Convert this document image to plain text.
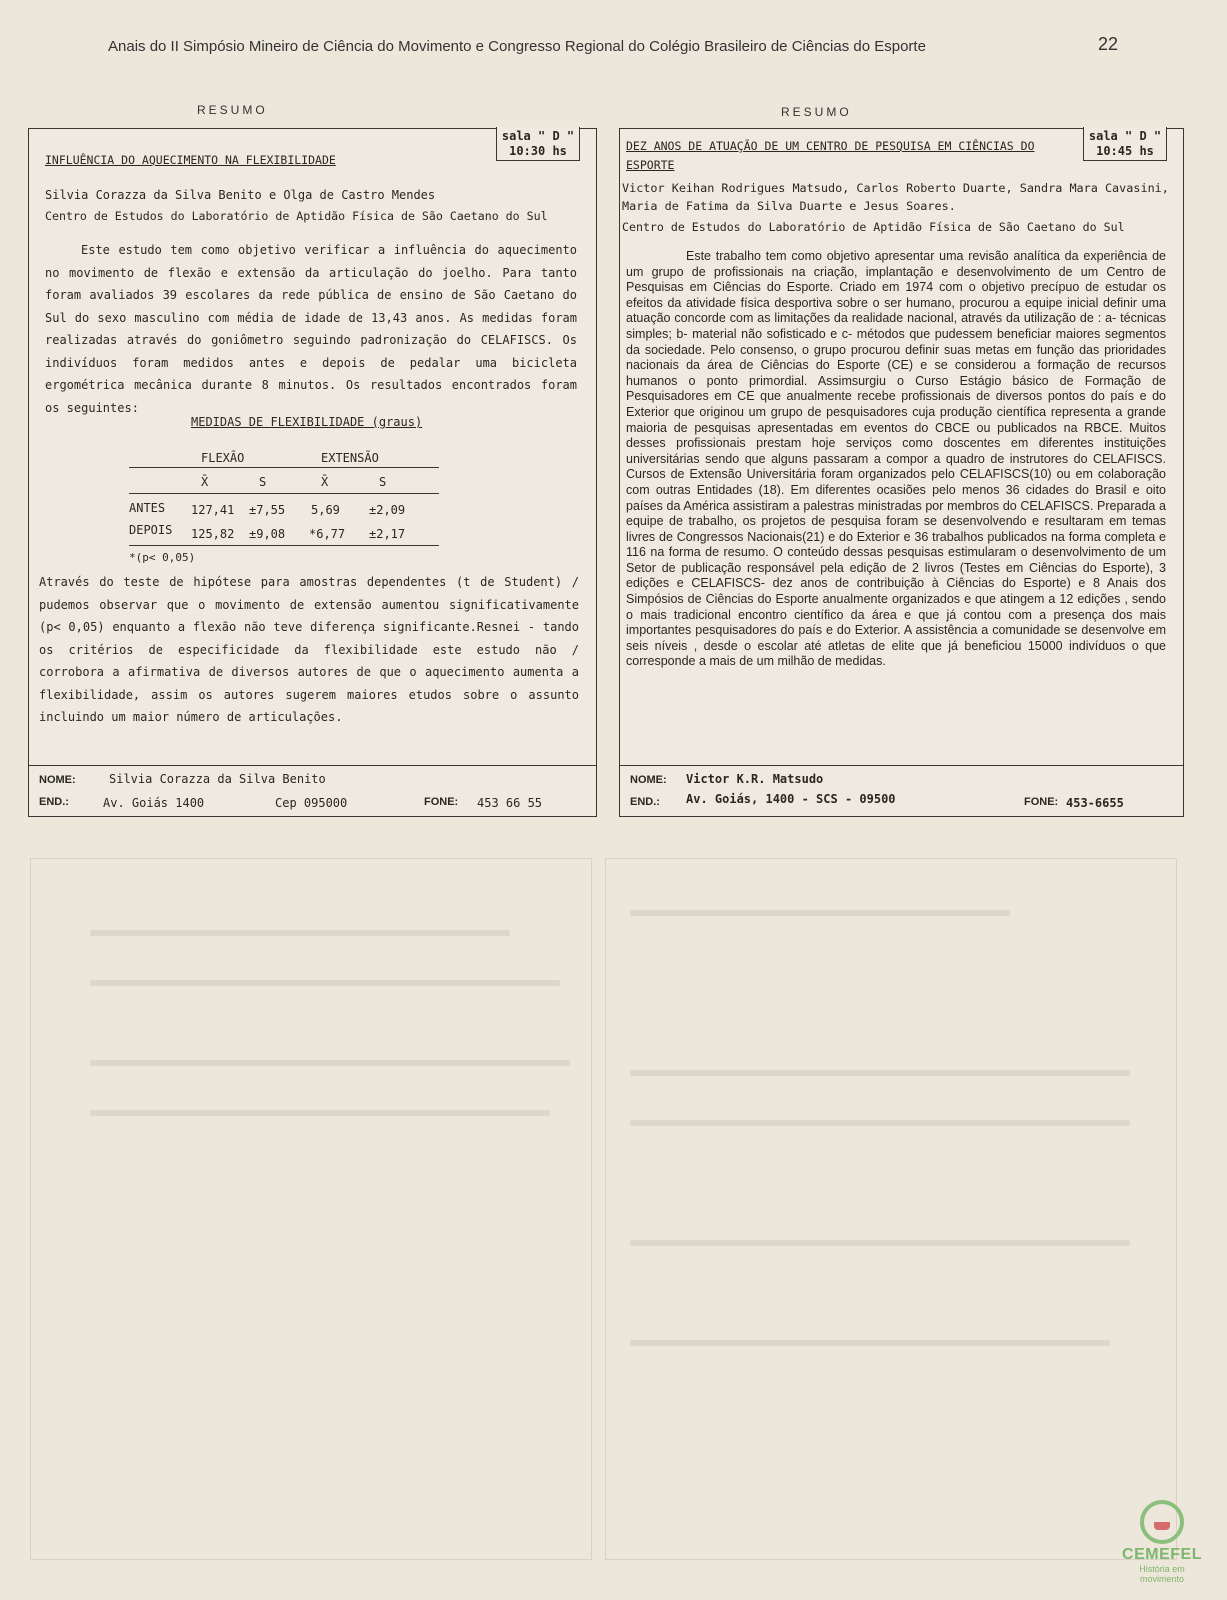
Anais do II Simpósio Mineiro de Ciência do Movimento e Congresso Regional do Colégio Brasileiro de Ciências do Esporte	22
RESUMO
sala " D "
10:30 hs
INFLUÊNCIA DO AQUECIMENTO NA FLEXIBILIDADE
Silvia Corazza da Silva Benito e Olga de Castro Mendes
Centro de Estudos do Laboratório de Aptidão Física de São Caetano do Sul

Este estudo tem como objetivo verificar a influência do aquecimento no movimento de flexão e extensão da articulação do joelho. Para tanto foram avaliados 39 escolares da rede pública de ensino de São Caetano do Sul do sexo masculino com média de idade de 13,43 anos. As medidas foram realizadas através do goniômetro seguindo padronização do CELAFISCS. Os indivíduos foram medidos antes e depois de pedalar uma bicicleta ergométrica mecânica durante 8 minutos. Os resultados encontrados foram os seguintes:

MEDIDAS DE FLEXIBILIDADE (graus)
FLEXÃO	EXTENSÃO
X̄	S	X̄	S
ANTES 127,41 ±7,55 5,69 ±2,09
DEPOIS 125,82 ±9,08 *6,77 ±2,17
*(p< 0,05)

Através do teste de hipótese para amostras dependentes (t de Student) / pudemos observar que o movimento de extensão aumentou significativamente (p< 0,05) enquanto a flexão não teve diferença significante.Resnei - tando os critérios de especificidade da flexibilidade este estudo não / corrobora a afirmativa de diversos autores de que o aquecimento aumenta a flexibilidade, assim os autores sugerem maiores etudos sobre o assunto incluindo um maior número de articulações.

NOME:	Silvia Corazza da Silva Benito
END.:	Av. Goiás 1400	Cep 095000	FONE: 453 66 55
RESUMO
sala " D "
10:45 hs
DEZ ANOS DE ATUAÇÃO DE UM CENTRO DE PESQUISA EM CIÊNCIAS DO ESPORTE
Victor Keihan Rodrigues Matsudo, Carlos Roberto Duarte, Sandra Mara Cavasini, Maria de Fatima da Silva Duarte e Jesus Soares.
Centro de Estudos do Laboratório de Aptidão Física de São Caetano do Sul

Este trabalho tem como objetivo apresentar uma revisão analítica da experiência de um grupo de profissionais na criação, implantação e desenvolvimento de um Centro de Pesquisas em Ciências do Esporte. Criado em 1974 com o objetivo precípuo de estudar os efeitos da atividade física desportiva sobre o ser humano, procurou a equipe inicial definir uma atuação concorde com as limitações da realidade nacional, através da utilização de : a- técnicas simples; b- material não sofisticado e c- métodos que pudessem beneficiar maiores segmentos da sociedade. Pelo consenso, o grupo procurou definir suas metas em função das prioridades nacionais da área de Ciências do Esporte (CE) e se considerou a formação de recursos humanos o ponto primordial. Assimsurgiu o Curso Estágio básico de Formação de Pesquisadores em CE que anualmente recebe profissionais de diversos pontos do país e do Exterior que originou um grupo de pesquisadores cuja produção científica representa a grande maioria de pesquisas apresentadas em eventos do CBCE ou publicados na RBCE. Muitos desses profissionais prestam hoje serviços como doscentes em diferentes instituições universitárias sendo que alguns passaram a compor a quadro de instrutores do CELAFISCS. Cursos de Extensão Universitária foram organizados pelo CELAFISCS(10) ou em colaboração com outras Entidades (18). Em diferentes ocasiões pelo menos 36 cidades do Brasil e oito países da América assistiram a palestras ministradas por membros do CELAFISCS. Preparada a equipe de trabalho, os projetos de pesquisa foram se desenvolvendo e resultaram em temas livres de Congressos Nacionais(21) e do Exterior e 36 trabalhos publicados na forma completa e 116 na forma de resumo. O conteúdo dessas pesquisas estimularam o desenvolvimento de um Setor de publicação responsável pela edição de 2 livros (Testes em Ciências do Esporte), 3 edições e CELAFISCS- dez anos de contribuição à Ciências do Esporte) e 8 Anais dos Simpósios de Ciências do Esporte anualmente organizados e que atingem a 12 edições , sendo o mais tradicional encontro científico da área e que já contou com a presença dos mais importantes pesquisadores do país e do Exterior. A assistência a comunidade se desenvolve em seis níveis , desde o escolar até atletas de elite que já beneficiou 15000 indivíduos o que corresponde a mais de um milhão de medidas.

NOME: Victor K.R. Matsudo
END.: Av. Goiás, 1400 - SCS - 09500	FONE: 453-6655
CEMEFEL
História em movimento
